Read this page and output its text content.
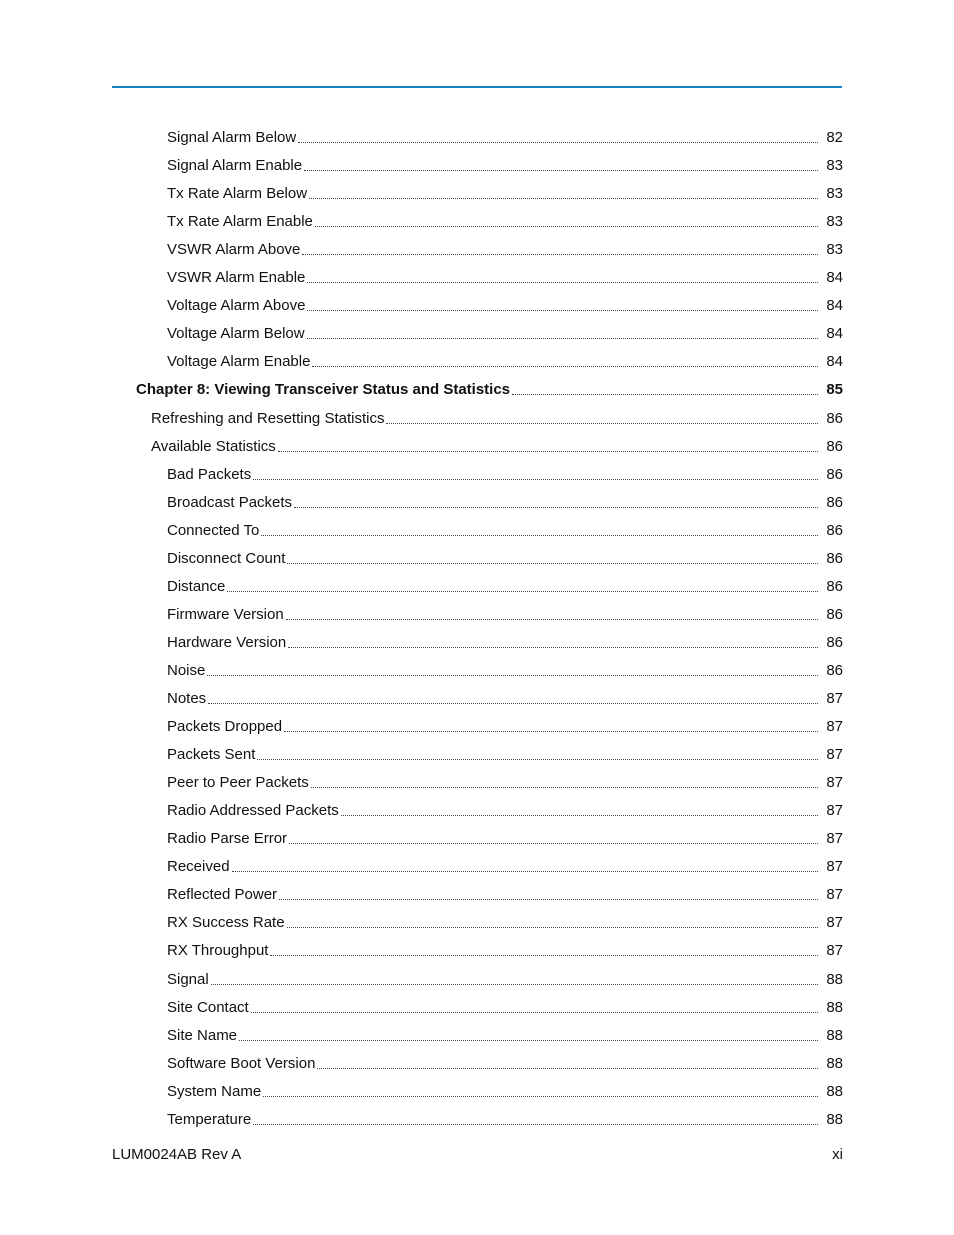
Signal Alarm Below	82
Signal Alarm Enable	83
Tx Rate Alarm Below	83
Tx Rate Alarm Enable	83
VSWR Alarm Above	83
VSWR Alarm Enable	84
Voltage Alarm Above	84
Voltage Alarm Below	84
Voltage Alarm Enable	84
Chapter 8: Viewing Transceiver Status and Statistics	85
Refreshing and Resetting Statistics	86
Available Statistics	86
Bad Packets	86
Broadcast Packets	86
Connected To	86
Disconnect Count	86
Distance	86
Firmware Version	86
Hardware Version	86
Noise	86
Notes	87
Packets Dropped	87
Packets Sent	87
Peer to Peer Packets	87
Radio Addressed Packets	87
Radio Parse Error	87
Received	87
Reflected Power	87
RX Success Rate	87
RX Throughput	87
Signal	88
Site Contact	88
Site Name	88
Software Boot Version	88
System Name	88
Temperature	88
LUM0024AB Rev A	xi
